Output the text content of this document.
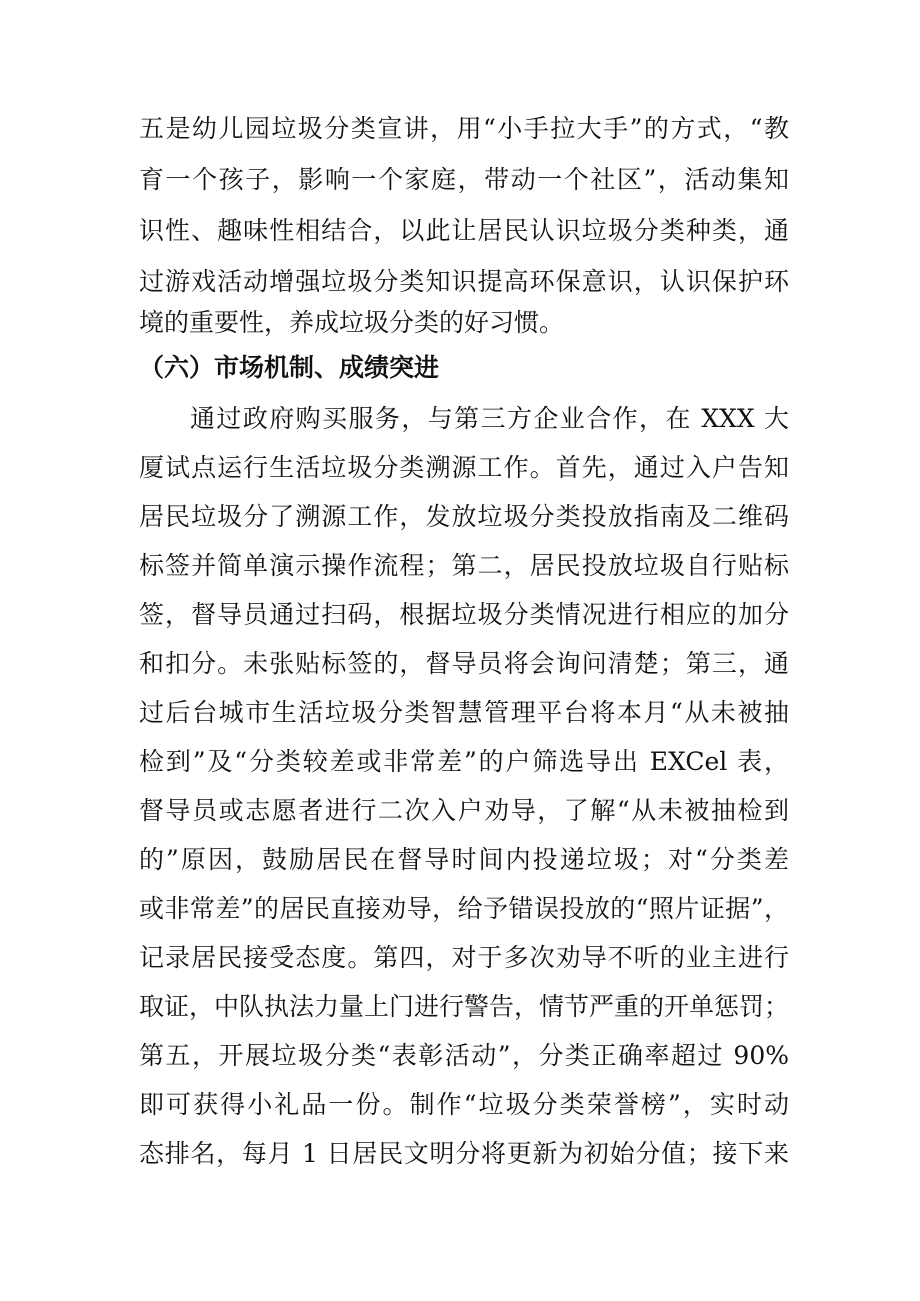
五是幼儿园垃圾分类宣讲，用“小手拉大手”的方式，“教
育一个孩子，影响一个家庭，带动一个社区”，活动集知
识性、趣味性相结合，以此让居民认识垃圾分类种类，通
过游戏活动增强垃圾分类知识提高环保意识，认识保护环
境的重要性，养成垃圾分类的好习惯。
（六）市场机制、成绩突进
通过政府购买服务，与第三方企业合作，在 XXX 大
厦试点运行生活垃圾分类溯源工作。首先，通过入户告知
居民垃圾分了溯源工作，发放垃圾分类投放指南及二维码
标签并简单演示操作流程；第二，居民投放垃圾自行贴标
签，督导员通过扫码，根据垃圾分类情况进行相应的加分
和扣分。未张贴标签的，督导员将会询问清楚；第三，通
过后台城市生活垃圾分类智慧管理平台将本月“从未被抽
检到”及“分类较差或非常差”的户筛选导出 EXCel 表，
督导员或志愿者进行二次入户劝导，了解“从未被抽检到
的”原因，鼓励居民在督导时间内投递垃圾；对“分类差
或非常差”的居民直接劝导，给予错误投放的“照片证据”，
记录居民接受态度。第四，对于多次劝导不听的业主进行
取证，中队执法力量上门进行警告，情节严重的开单惩罚；
第五，开展垃圾分类“表彰活动”，分类正确率超过 90%
即可获得小礼品一份。制作“垃圾分类荣誉榜”，实时动
态排名，每月 1 日居民文明分将更新为初始分值；接下来
